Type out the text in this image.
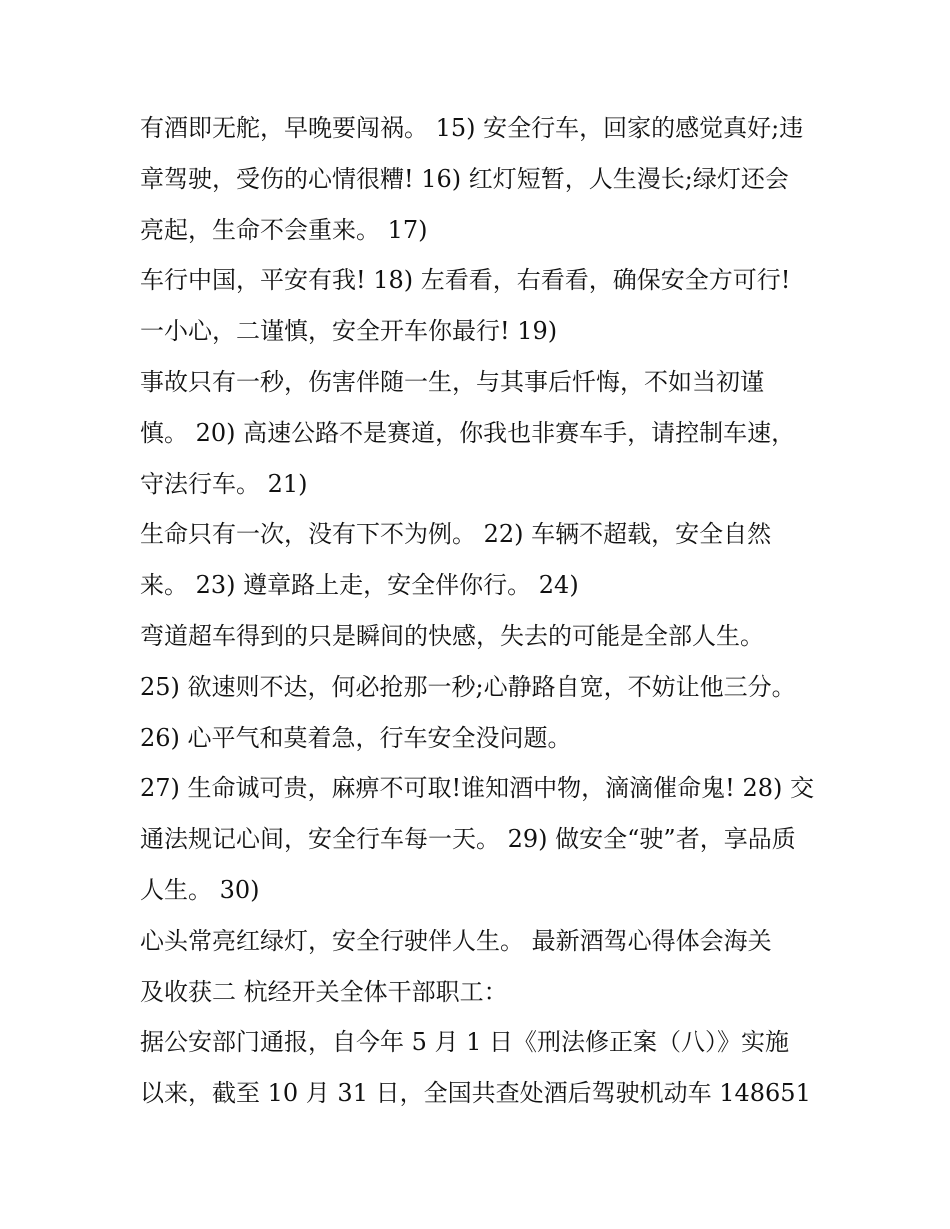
有酒即无舵，早晚要闯祸。 15) 安全行车，回家的感觉真好;违
章驾驶，受伤的心情很糟! 16) 红灯短暂，人生漫长;绿灯还会
亮起，生命不会重来。 17)
车行中国，平安有我! 18) 左看看，右看看，确保安全方可行!
一小心，二谨慎，安全开车你最行! 19)
事故只有一秒，伤害伴随一生，与其事后忏悔，不如当初谨
慎。 20) 高速公路不是赛道，你我也非赛车手，请控制车速，
守法行车。 21)
生命只有一次，没有下不为例。 22) 车辆不超载，安全自然
来。 23) 遵章路上走，安全伴你行。 24)
弯道超车得到的只是瞬间的快感，失去的可能是全部人生。
25) 欲速则不达，何必抢那一秒;心静路自宽，不妨让他三分。
26) 心平气和莫着急，行车安全没问题。
27) 生命诚可贵，麻痹不可取!谁知酒中物，滴滴催命鬼! 28) 交
通法规记心间，安全行车每一天。 29) 做安全“驶”者，享品质
人生。 30)
心头常亮红绿灯，安全行驶伴人生。 最新酒驾心得体会海关
及收获二 杭经开关全体干部职工：
据公安部门通报，自今年 5 月 1 日《刑法修正案（八）》实施
以来，截至 10 月 31 日，全国共查处酒后驾驶机动车 148651
